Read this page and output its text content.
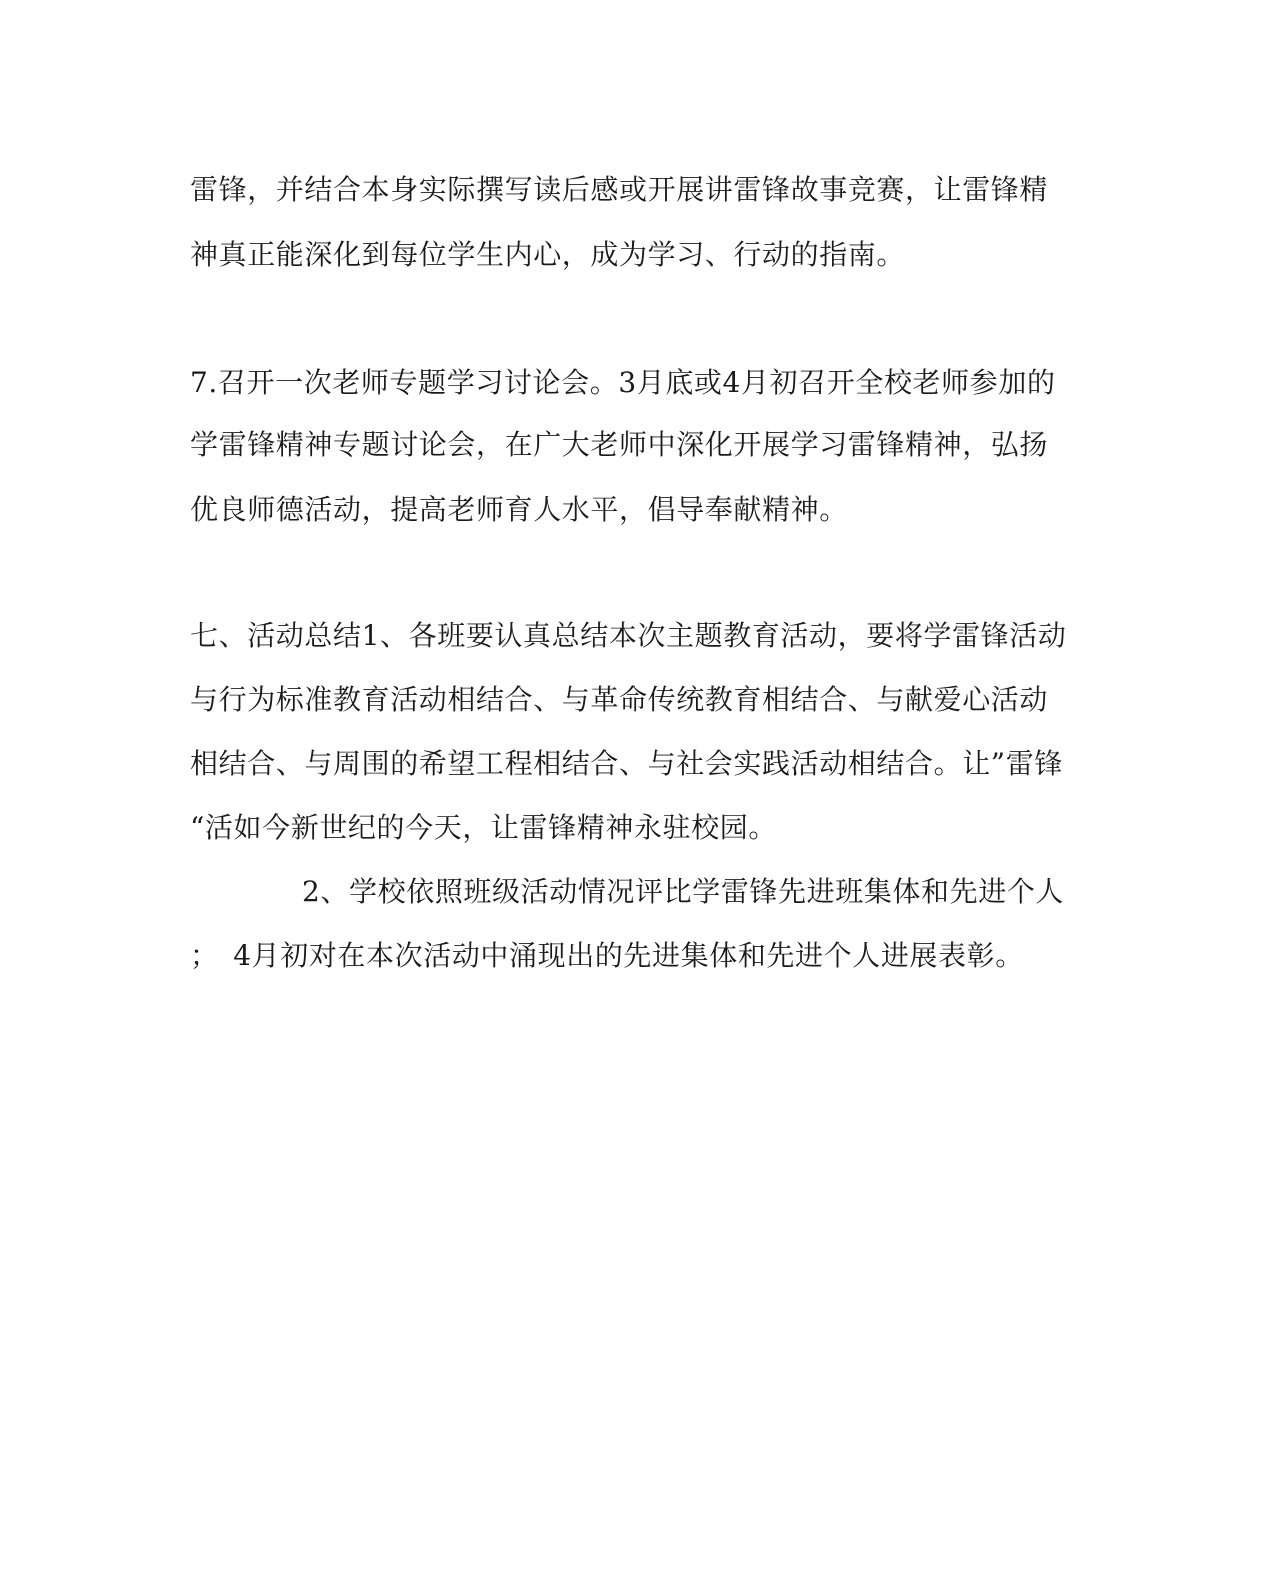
雷锋，并结合本身实际撰写读后感或开展讲雷锋故事竞赛，让雷锋精
神真正能深化到每位学生内心，成为学习、行动的指南。
7.召开一次老师专题学习讨论会。3月底或4月初召开全校老师参加的
学雷锋精神专题讨论会，在广大老师中深化开展学习雷锋精神，弘扬
优良师德活动，提高老师育人水平，倡导奉献精神。
七、活动总结1、各班要认真总结本次主题教育活动，要将学雷锋活动
与行为标准教育活动相结合、与革命传统教育相结合、与献爱心活动
相结合、与周围的希望工程相结合、与社会实践活动相结合。让”雷锋
“活如今新世纪的今天，让雷锋精神永驻校园。
2、学校依照班级活动情况评比学雷锋先进班集体和先进个人
；　4月初对在本次活动中涌现出的先进集体和先进个人进展表彰。
